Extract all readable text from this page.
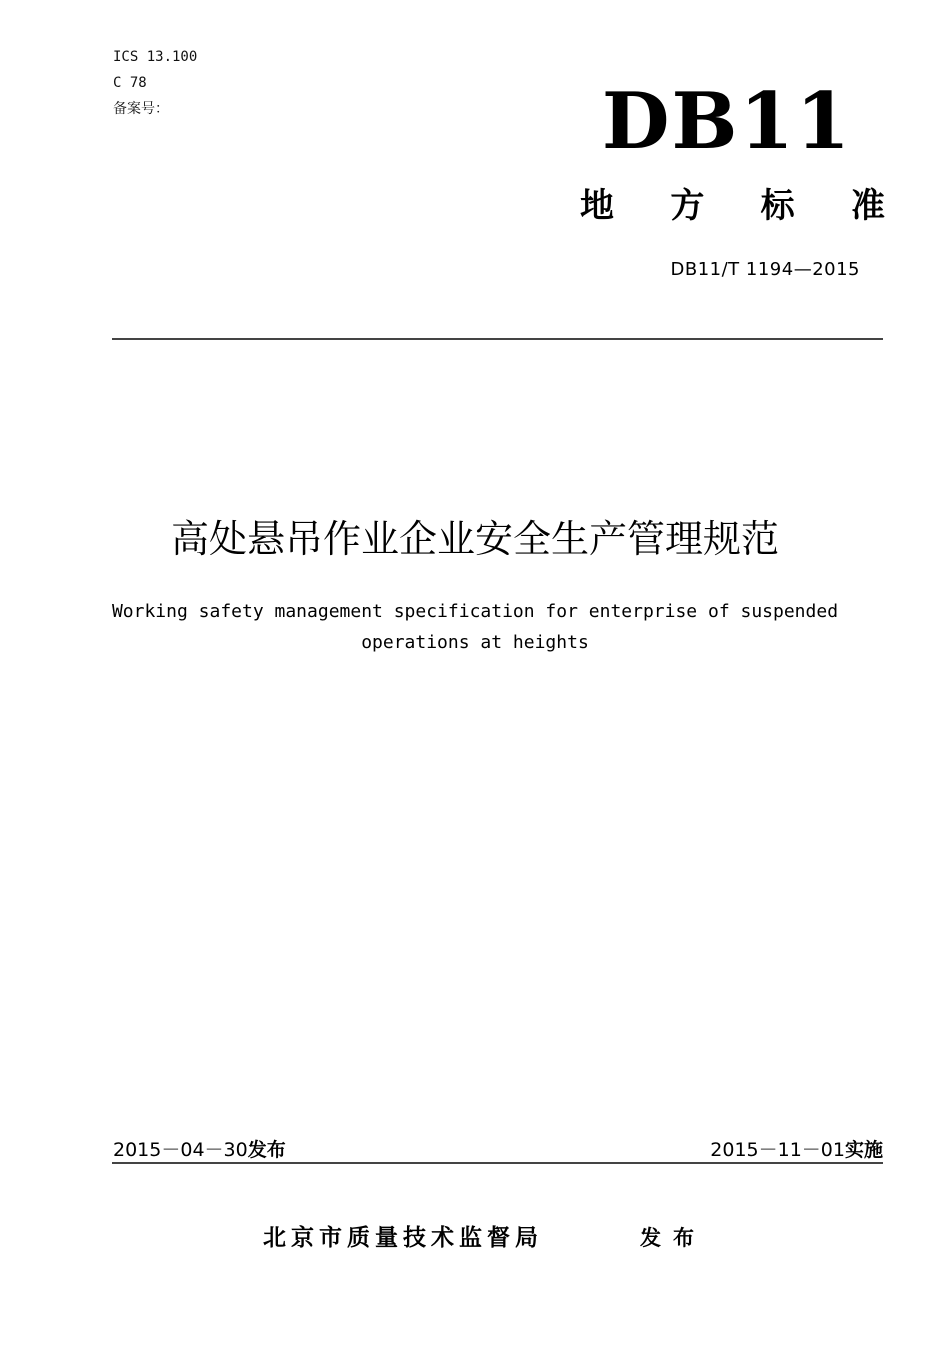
ICS 13.100
C 78
备案号：	DB11
地 方 标 准
DB11/T 1194—2015
高处悬吊作业企业安全生产管理规范
Working safety management specification for enterprise of suspended
operations at heights
2015－04－30发布	2015－11－01实施
北京市质量技术监督局	发布
